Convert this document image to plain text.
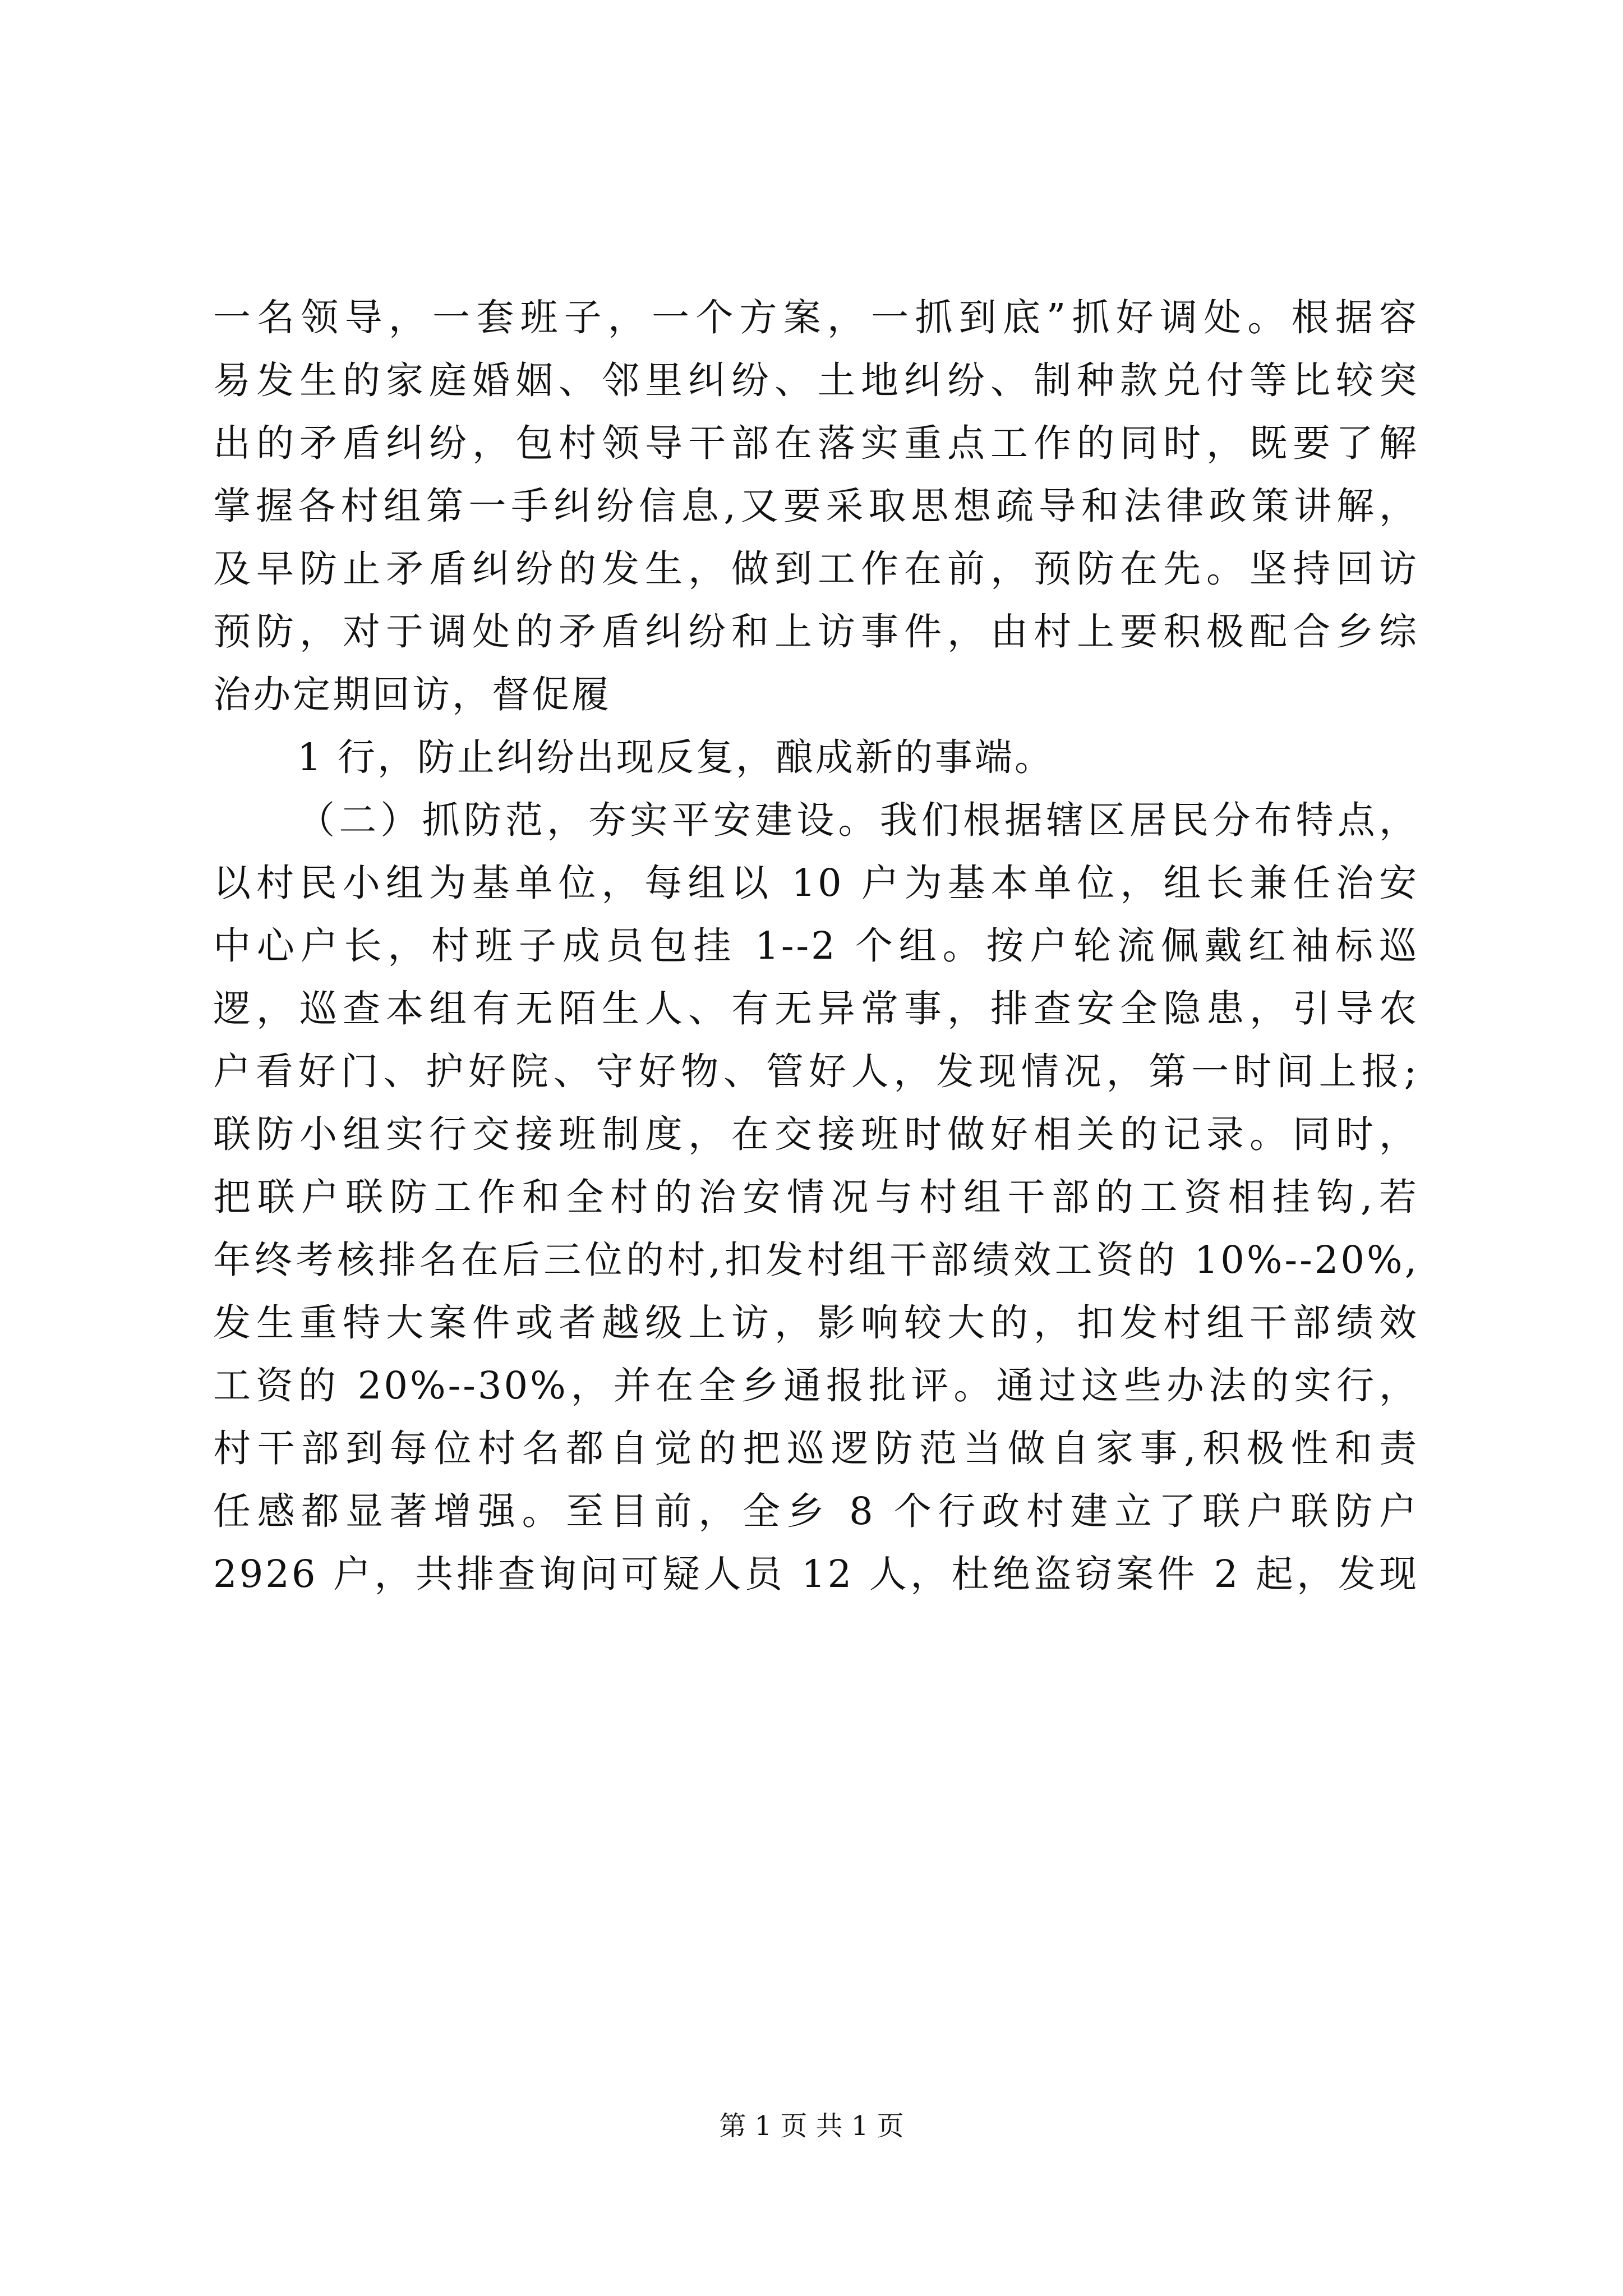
一名领导，一套班子，一个方案，一抓到底”抓好调处。根据容
易发生的家庭婚姻、邻里纠纷、土地纠纷、制种款兑付等比较突
出的矛盾纠纷，包村领导干部在落实重点工作的同时，既要了解
掌握各村组第一手纠纷信息,又要采取思想疏导和法律政策讲解，
及早防止矛盾纠纷的发生，做到工作在前，预防在先。坚持回访
预防，对于调处的矛盾纠纷和上访事件，由村上要积极配合乡综
治办定期回访，督促履
1 行，防止纠纷出现反复，酿成新的事端。
（二）抓防范，夯实平安建设。我们根据辖区居民分布特点，
以村民小组为基单位，每组以 10 户为基本单位，组长兼任治安
中心户长，村班子成员包挂 1--2 个组。按户轮流佩戴红袖标巡
逻，巡查本组有无陌生人、有无异常事，排查安全隐患，引导农
户看好门、护好院、守好物、管好人，发现情况，第一时间上报;
联防小组实行交接班制度，在交接班时做好相关的记录。同时，
把联户联防工作和全村的治安情况与村组干部的工资相挂钩,若
年终考核排名在后三位的村,扣发村组干部绩效工资的 10%--20%,
发生重特大案件或者越级上访，影响较大的，扣发村组干部绩效
工资的 20%--30%，并在全乡通报批评。通过这些办法的实行，
村干部到每位村名都自觉的把巡逻防范当做自家事,积极性和责
任感都显著增强。至目前，全乡 8 个行政村建立了联户联防户
2926 户，共排查询问可疑人员 12 人，杜绝盗窃案件 2 起，发现
第 1 页 共 1 页
